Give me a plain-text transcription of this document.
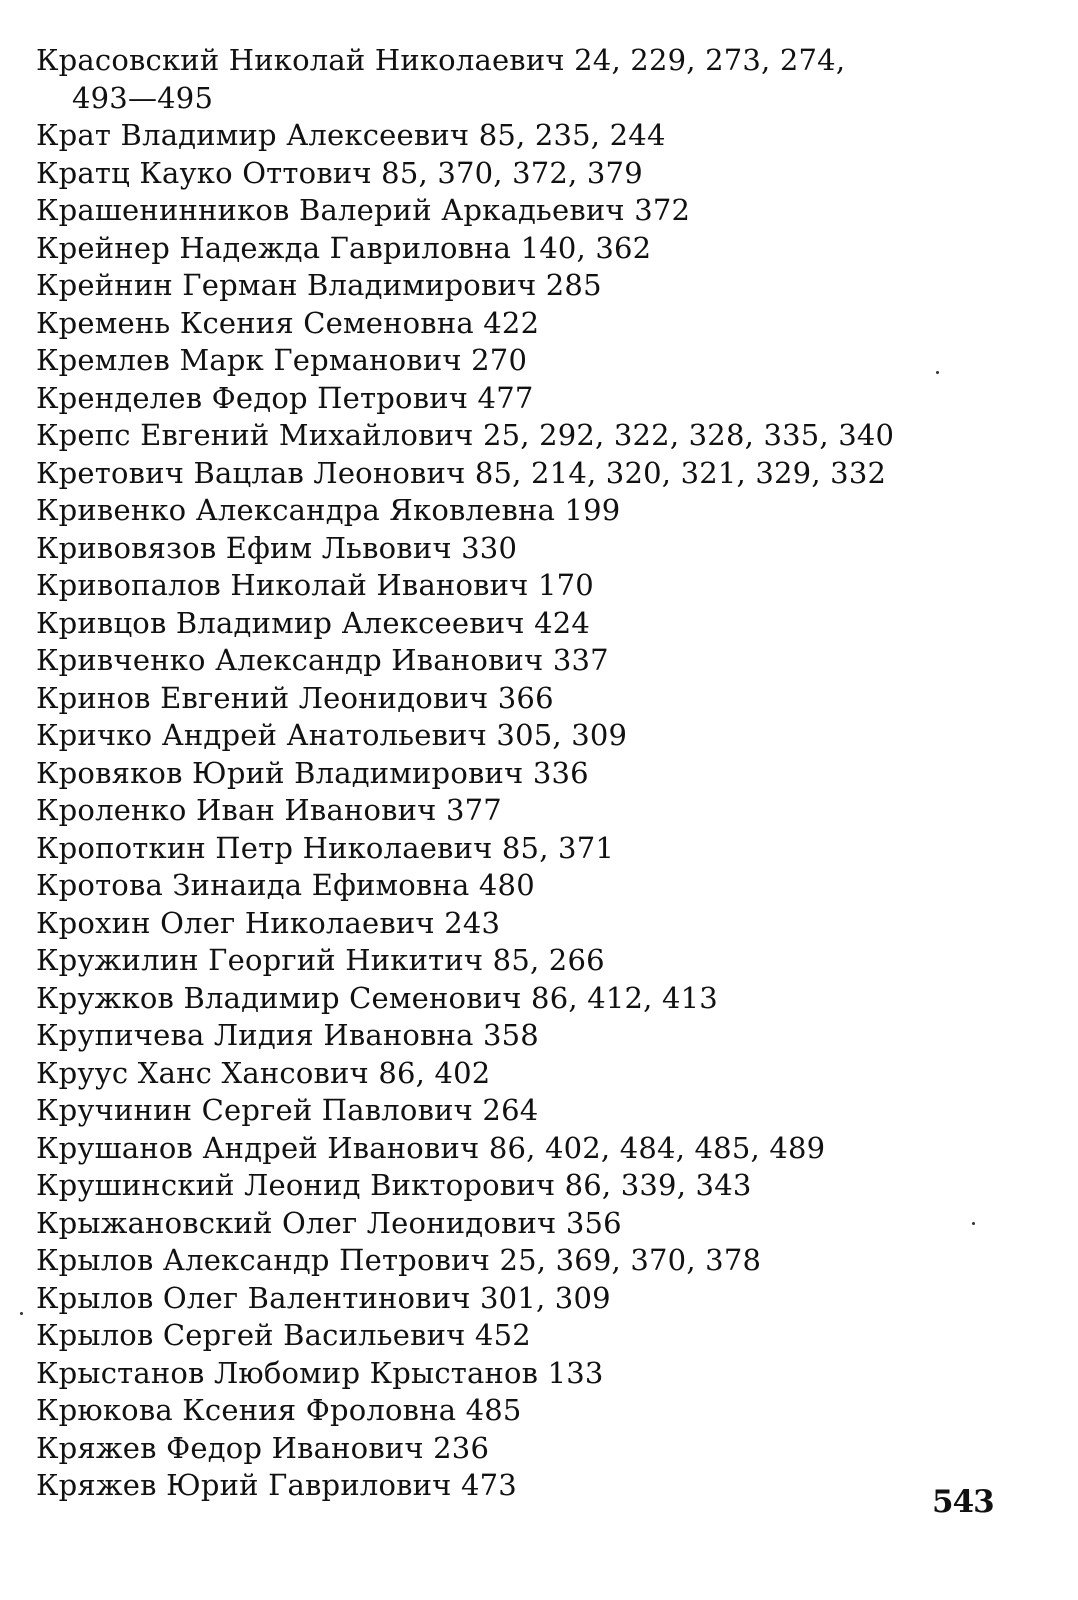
Красовский Николай Николаевич 24, 229, 273, 274,
493—495
Крат Владимир Алексеевич 85, 235, 244
Кратц Кауко Оттович 85, 370, 372, 379
Крашенинников Валерий Аркадьевич 372
Крейнер Надежда Гавриловна 140, 362
Крейнин Герман Владимирович 285
Кремень Ксения Семеновна 422
Кремлев Марк Германович 270
Кренделев Федор Петрович 477
Крепс Евгений Михайлович 25, 292, 322, 328, 335, 340
Кретович Вацлав Леонович 85, 214, 320, 321, 329, 332
Кривенко Александра Яковлевна 199
Кривовязов Ефим Львович 330
Кривопалов Николай Иванович 170
Кривцов Владимир Алексеевич 424
Кривченко Александр Иванович 337
Кринов Евгений Леонидович 366
Кричко Андрей Анатольевич 305, 309
Кровяков Юрий Владимирович 336
Кроленко Иван Иванович 377
Кропоткин Петр Николаевич 85, 371
Кротова Зинаида Ефимовна 480
Крохин Олег Николаевич 243
Кружилин Георгий Никитич 85, 266
Кружков Владимир Семенович 86, 412, 413
Крупичева Лидия Ивановна 358
Круус Ханс Хансович 86, 402
Кручинин Сергей Павлович 264
Крушанов Андрей Иванович 86, 402, 484, 485, 489
Крушинский Леонид Викторович 86, 339, 343
Крыжановский Олег Леонидович 356
Крылов Александр Петрович 25, 369, 370, 378
Крылов Олег Валентинович 301, 309
Крылов Сергей Васильевич 452
Крыстанов Любомир Крыстанов 133
Крюкова Ксения Фроловна 485
Кряжев Федор Иванович 236
Кряжев Юрий Гаврилович 473	543
